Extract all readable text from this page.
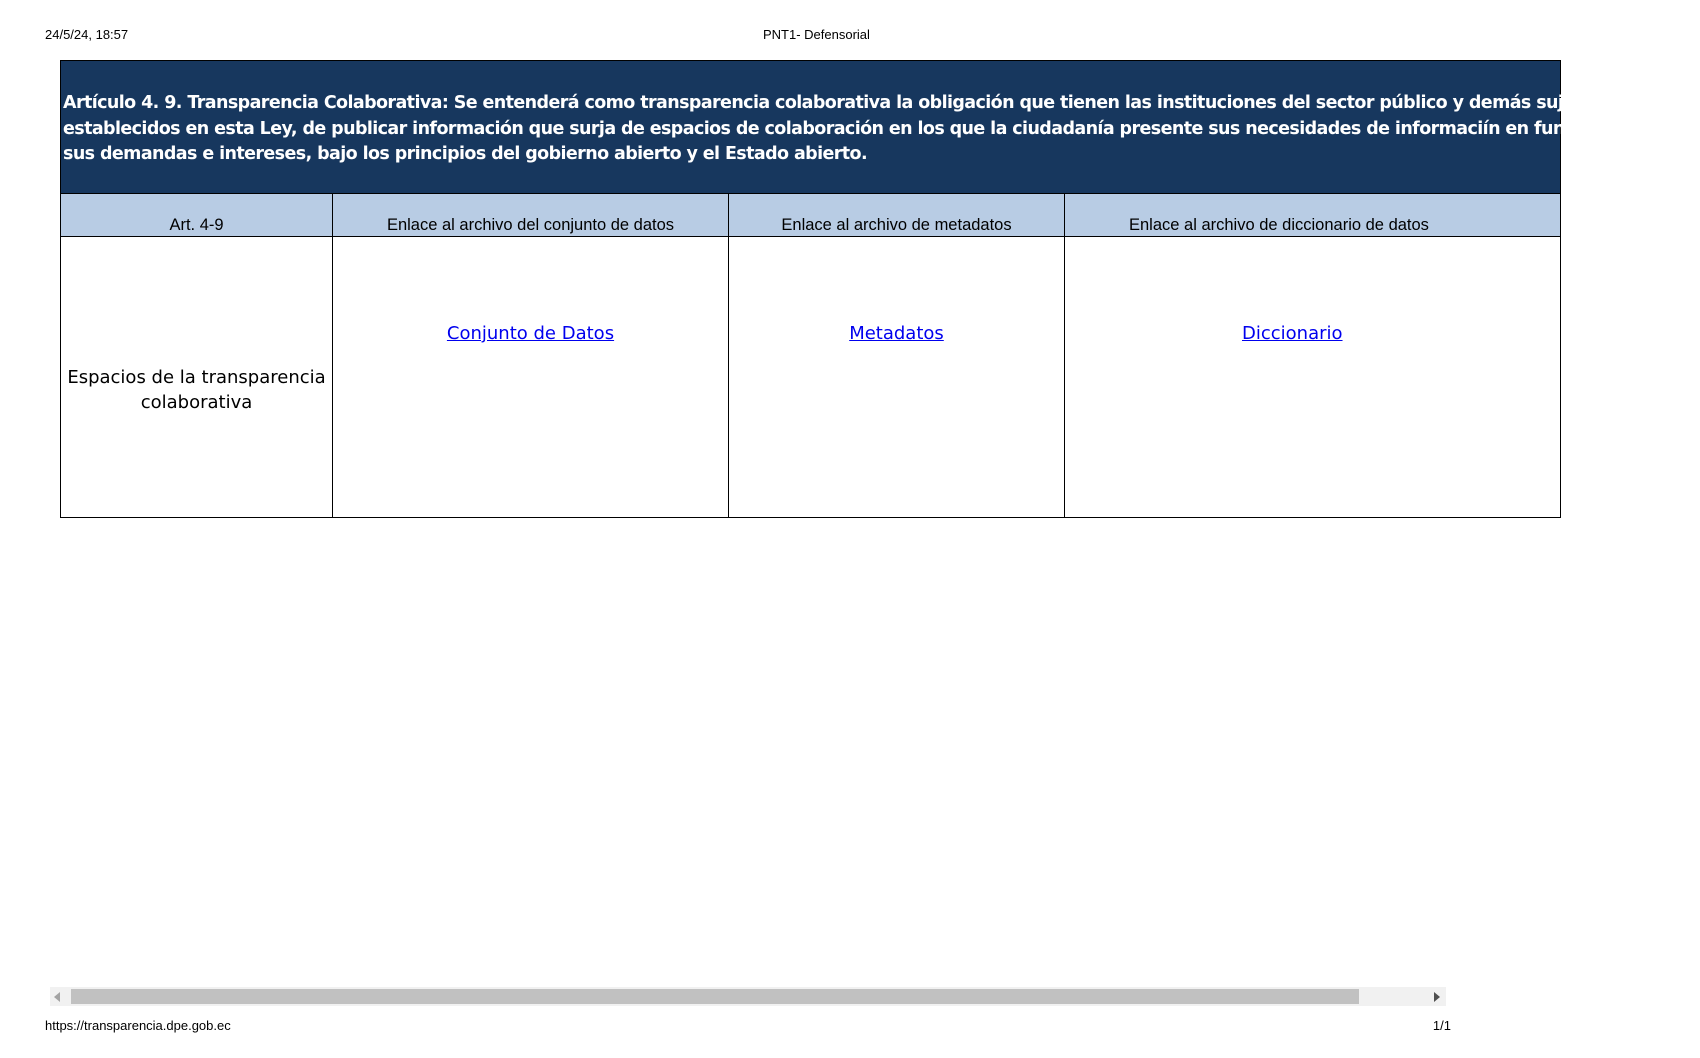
24/5/24, 18:57	PNT1- Defensorial
Artículo 4. 9. Transparencia Colaborativa: Se entenderá como transparencia colaborativa la obligación que tienen las instituciones del sector público y demás sujetos obligados
establecidos en esta Ley, de publicar información que surja de espacios de colaboración en los que la ciudadanía presente sus necesidades de informaciín en función de
sus demandas e intereses, bajo los principios del gobierno abierto y el Estado abierto.			

Art. 4-9	Enlace al archivo del conjunto de datos	Enlace al archivo de metadatos	Enlace al archivo de diccionario de datos
Espacios de la transparencia colaborativa	Conjunto de Datos	Metadatos	Diccionario
https://transparencia.dpe.gob.ec	1/1
